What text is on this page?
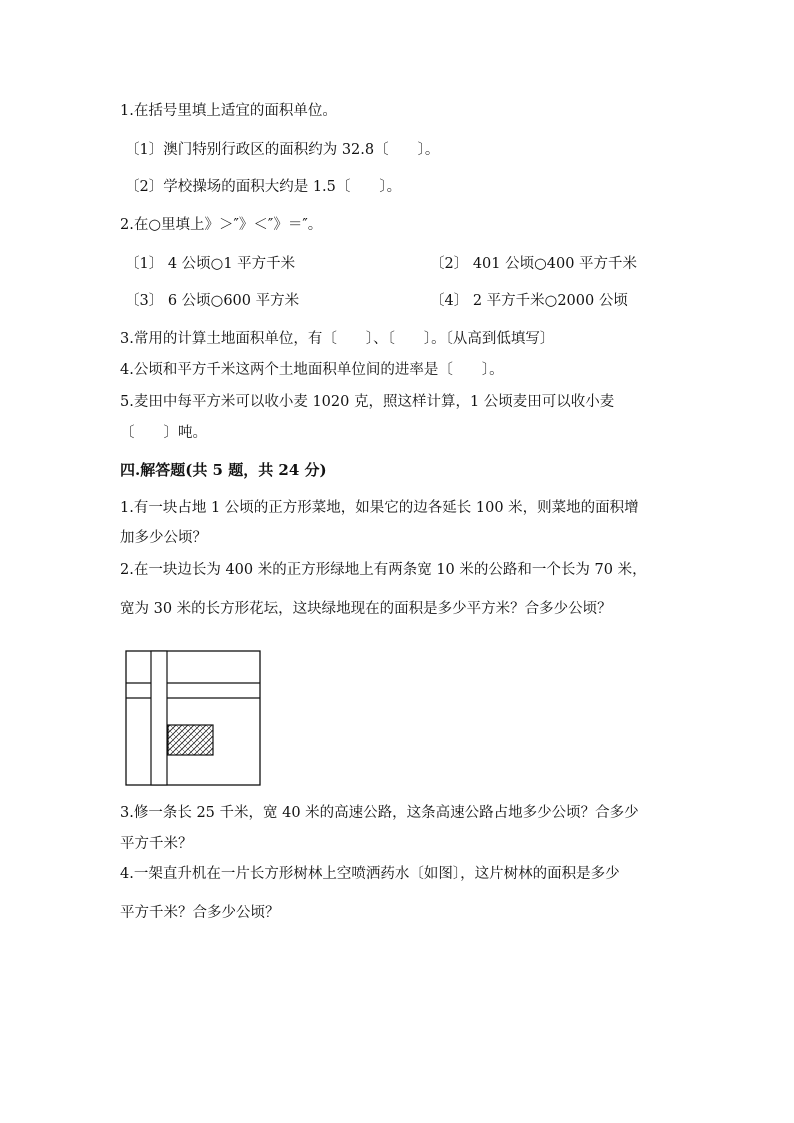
1.在括号里填上适宜的面积单位。
〔1〕澳门特别行政区的面积约为 32.8〔　　〕。
〔2〕学校操场的面积大约是 1.5〔　　〕。
2.在○里填上》＞″》＜″》＝″。
〔1〕 4 公顷○1 平方千米	〔2〕 401 公顷○400 平方千米
〔3〕 6 公顷○600 平方米	〔4〕 2 平方千米○2000 公顷
3.常用的计算土地面积单位，有〔　　〕、〔　　〕。〔从高到低填写〕
4.公顷和平方千米这两个土地面积单位间的进率是〔　　〕。
5.麦田中每平方米可以收小麦 1020 克，照这样计算，1 公顷麦田可以收小麦
〔　　〕吨。
四.解答题(共 5 题，共 24 分)
1.有一块占地 1 公顷的正方形菜地，如果它的边各延长 100 米，则菜地的面积增
加多少公顷？
2.在一块边长为 400 米的正方形绿地上有两条宽 10 米的公路和一个长为 70 米，
宽为 30 米的长方形花坛，这块绿地现在的面积是多少平方米？合多少公顷？
3.修一条长 25 千米，宽 40 米的高速公路，这条高速公路占地多少公顷？合多少
平方千米？
4.一架直升机在一片长方形树林上空喷洒药水〔如图〕，这片树林的面积是多少
平方千米？合多少公顷？
